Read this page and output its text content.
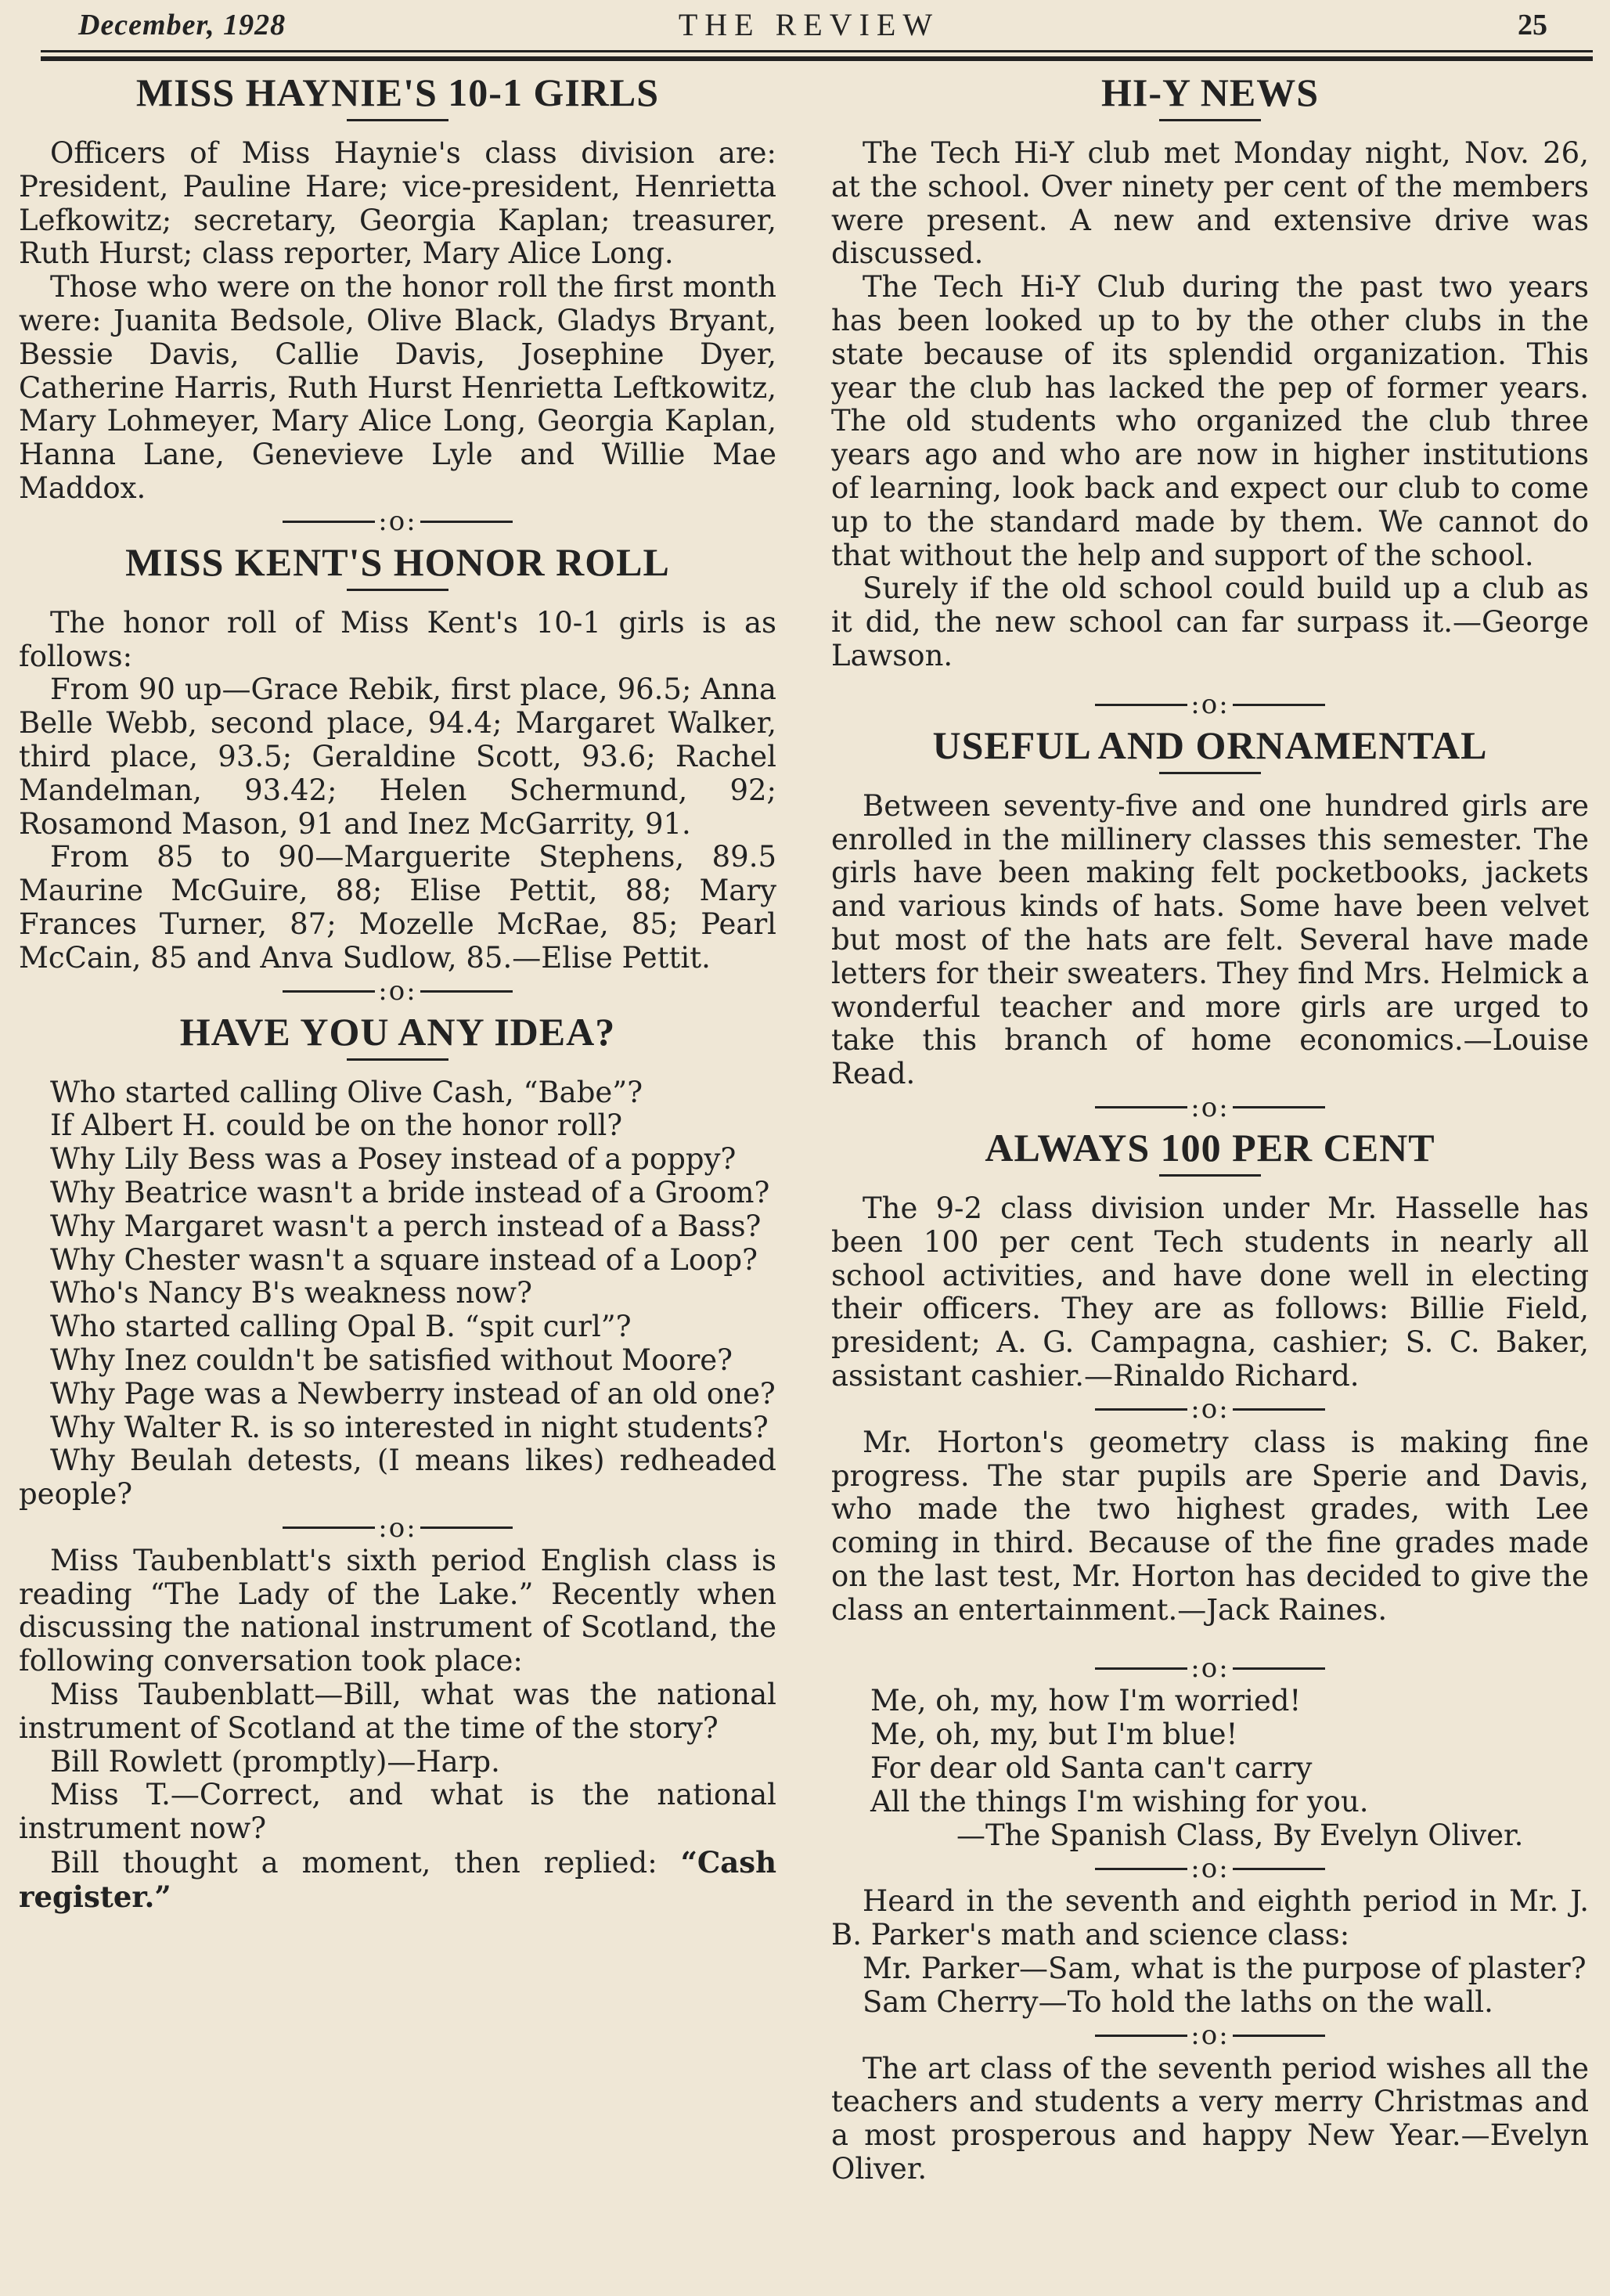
December, 1928	THE REVIEW	25
MISS HAYNIE'S 10-1 GIRLS

Officers of Miss Haynie's class division are: President, Pauline Hare; vice-president, Henrietta Lefkowitz; secretary, Georgia Kaplan; treasurer, Ruth Hurst; class reporter, Mary Alice Long.

Those who were on the honor roll the first month were: Juanita Bedsole, Olive Black, Gladys Bryant, Bessie Davis, Callie Davis, Josephine Dyer, Catherine Harris, Ruth Hurst Henrietta Leftkowitz, Mary Lohmeyer, Mary Alice Long, Georgia Kaplan, Hanna Lane, Genevieve Lyle and Willie Mae Maddox.

:o:
MISS KENT'S HONOR ROLL

The honor roll of Miss Kent's 10-1 girls is as follows:

From 90 up—Grace Rebik, first place, 96.5; Anna Belle Webb, second place, 94.4; Margaret Walker, third place, 93.5; Geraldine Scott, 93.6; Rachel Mandelman, 93.42; Helen Schermund, 92; Rosamond Mason, 91 and Inez McGarrity, 91.

From 85 to 90—Marguerite Stephens, 89.5 Maurine McGuire, 88; Elise Pettit, 88; Mary Frances Turner, 87; Mozelle McRae, 85; Pearl McCain, 85 and Anva Sudlow, 85.—Elise Pettit.

:o:
HAVE YOU ANY IDEA?

Who started calling Olive Cash, “Babe”?

If Albert H. could be on the honor roll?

Why Lily Bess was a Posey instead of a poppy?

Why Beatrice wasn't a bride instead of a Groom?

Why Margaret wasn't a perch instead of a Bass?

Why Chester wasn't a square instead of a Loop?

Who's Nancy B's weakness now?

Who started calling Opal B. “spit curl”?

Why Inez couldn't be satisfied without Moore?

Why Page was a Newberry instead of an old one?

Why Walter R. is so interested in night students?

Why Beulah detests, (I means likes) redheaded people?

:o:

Miss Taubenblatt's sixth period English class is reading “The Lady of the Lake.” Recently when discussing the national instrument of Scotland, the following conversation took place:

Miss Taubenblatt—Bill, what was the national instrument of Scotland at the time of the story?

Bill Rowlett (promptly)—Harp.

Miss T.—Correct, and what is the national instrument now?

Bill thought a moment, then replied: “Cash register.”

HI-Y NEWS

The Tech Hi-Y club met Monday night, Nov. 26, at the school. Over ninety per cent of the members were present. A new and extensive drive was discussed.

The Tech Hi-Y Club during the past two years has been looked up to by the other clubs in the state because of its splendid organization. This year the club has lacked the pep of former years. The old students who organized the club three years ago and who are now in higher institutions of learning, look back and expect our club to come up to the standard made by them. We cannot do that without the help and support of the school.

Surely if the old school could build up a club as it did, the new school can far surpass it.—George Lawson.

:o:
USEFUL AND ORNAMENTAL

Between seventy-five and one hundred girls are enrolled in the millinery classes this semester. The girls have been making felt pocketbooks, jackets and various kinds of hats. Some have been velvet but most of the hats are felt. Several have made letters for their sweaters. They find Mrs. Helmick a wonderful teacher and more girls are urged to take this branch of home economics.—Louise Read.

:o:
ALWAYS 100 PER CENT

The 9-2 class division under Mr. Hasselle has been 100 per cent Tech students in nearly all school activities, and have done well in electing their officers. They are as follows: Billie Field, president; A. G. Campagna, cashier; S. C. Baker, assistant cashier.—Rinaldo Richard.

:o:

Mr. Horton's geometry class is making fine progress. The star pupils are Sperie and Davis, who made the two highest grades, with Lee coming in third. Because of the fine grades made on the last test, Mr. Horton has decided to give the class an entertainment.—Jack Raines.

:o:

Me, oh, my, how I'm worried!

Me, oh, my, but I'm blue!

For dear old Santa can't carry

All the things I'm wishing for you.

—The Spanish Class, By Evelyn Oliver.

:o:

Heard in the seventh and eighth period in Mr. J. B. Parker's math and science class:

Mr. Parker—Sam, what is the purpose of plaster?

Sam Cherry—To hold the laths on the wall.

:o:

The art class of the seventh period wishes all the teachers and students a very merry Christmas and a most prosperous and happy New Year.—Evelyn Oliver.
